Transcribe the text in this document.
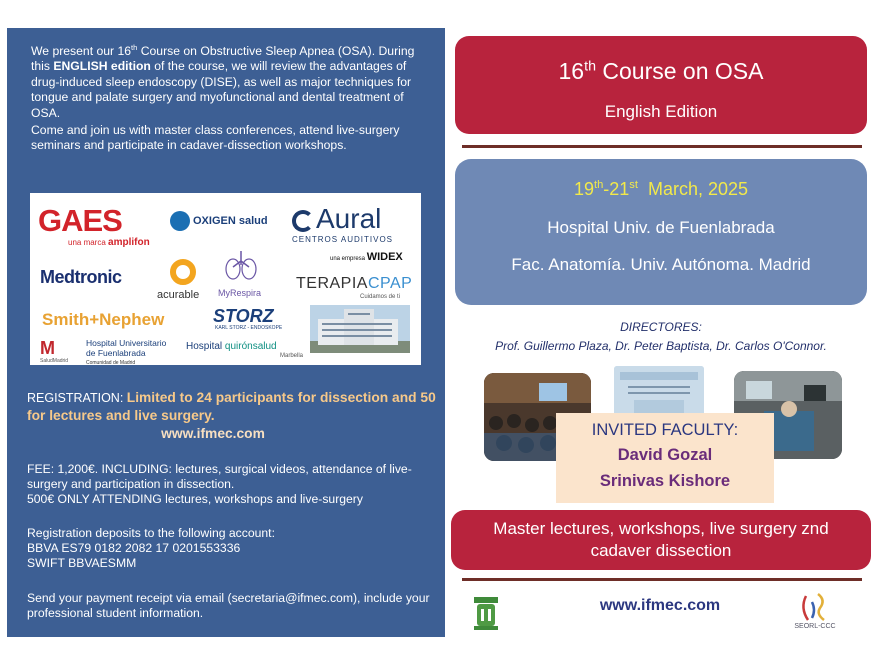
We present our 16th Course on Obstructive Sleep Apnea (OSA). During this ENGLISH edition of the course, we will review the advantages of drug-induced sleep endoscopy (DISE), as well as major techniques for tongue and palate surgery and myofunctional and dental treatment of OSA.

Come and join us with master class conferences, attend live-surgery seminars and participate in cadaver-dissection workshops.

GAES
una marca amplifon
OXIGEN salud	Aural
CENTROS AUDITIVOS
Medtronic
acurable MyRespira
una empresa WIDEX
TERAPIACPAP
Cuidamos de ti
Smith+Nephew	STORZ
KARL STORZ - ENDOSKOPE
M
SaludMadrid
Hospital Universitario
de Fuenlabrada
Comunidad de Madrid
Hospital quirónsalud
Marbella
REGISTRATION: Limited to 24 participants for dissection and 50 for lectures and live surgery.
www.ifmec.com
FEE: 1,200€. INCLUDING: lectures, surgical videos, attendance of live-surgery and participation in dissection.
500€ ONLY ATTENDING lectures, workshops and live-surgery
Registration deposits to the following account:
BBVA ES79 0182 2082 17 0201553336
SWIFT BBVAESMM
Send your payment receipt via email (secretaria@ifmec.com), include your professional student information.
16th Course on OSA
English Edition
19th-21st  March, 2025
Hospital Univ. de Fuenlabrada
Fac. Anatomía. Univ. Autónoma. Madrid
DIRECTORES:
Prof. Guillermo Plaza, Dr. Peter Baptista, Dr. Carlos O'Connor.
INVITED FACULTY:
David Gozal
Srinivas Kishore
Master lectures, workshops, live surgery znd cadaver dissection
www.ifmec.com
SEORL-CCC
